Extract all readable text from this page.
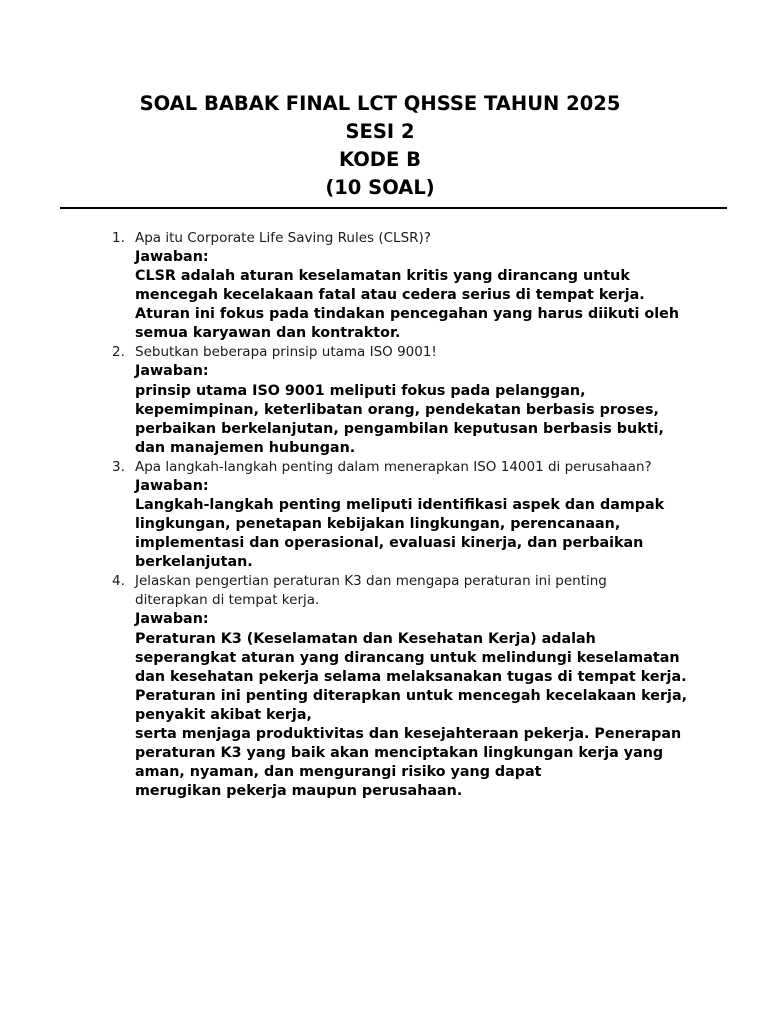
SOAL BABAK FINAL LCT QHSSE TAHUN 2025
SESI 2
KODE B
(10 SOAL)
1. Apa itu Corporate Life Saving Rules (CLSR)?
Jawaban:
CLSR adalah aturan keselamatan kritis yang dirancang untuk
mencegah kecelakaan fatal atau cedera serius di tempat kerja.
Aturan ini fokus pada tindakan pencegahan yang harus diikuti oleh
semua karyawan dan kontraktor.
2. Sebutkan beberapa prinsip utama ISO 9001!
Jawaban:
prinsip utama ISO 9001 meliputi fokus pada pelanggan,
kepemimpinan, keterlibatan orang, pendekatan berbasis proses,
perbaikan berkelanjutan, pengambilan keputusan berbasis bukti,
dan manajemen hubungan.
3. Apa langkah-langkah penting dalam menerapkan ISO 14001 di perusahaan?
Jawaban:
Langkah-langkah penting meliputi identifikasi aspek dan dampak
lingkungan, penetapan kebijakan lingkungan, perencanaan,
implementasi dan operasional, evaluasi kinerja, dan perbaikan
berkelanjutan.
4. Jelaskan pengertian peraturan K3 dan mengapa peraturan ini penting
diterapkan di tempat kerja.
Jawaban:
Peraturan K3 (Keselamatan dan Kesehatan Kerja) adalah
seperangkat aturan yang dirancang untuk melindungi keselamatan
dan kesehatan pekerja selama melaksanakan tugas di tempat kerja.
Peraturan ini penting diterapkan untuk mencegah kecelakaan kerja,
penyakit akibat kerja,
serta menjaga produktivitas dan kesejahteraan pekerja. Penerapan
peraturan K3 yang baik akan menciptakan lingkungan kerja yang
aman, nyaman, dan mengurangi risiko yang dapat
merugikan pekerja maupun perusahaan.
